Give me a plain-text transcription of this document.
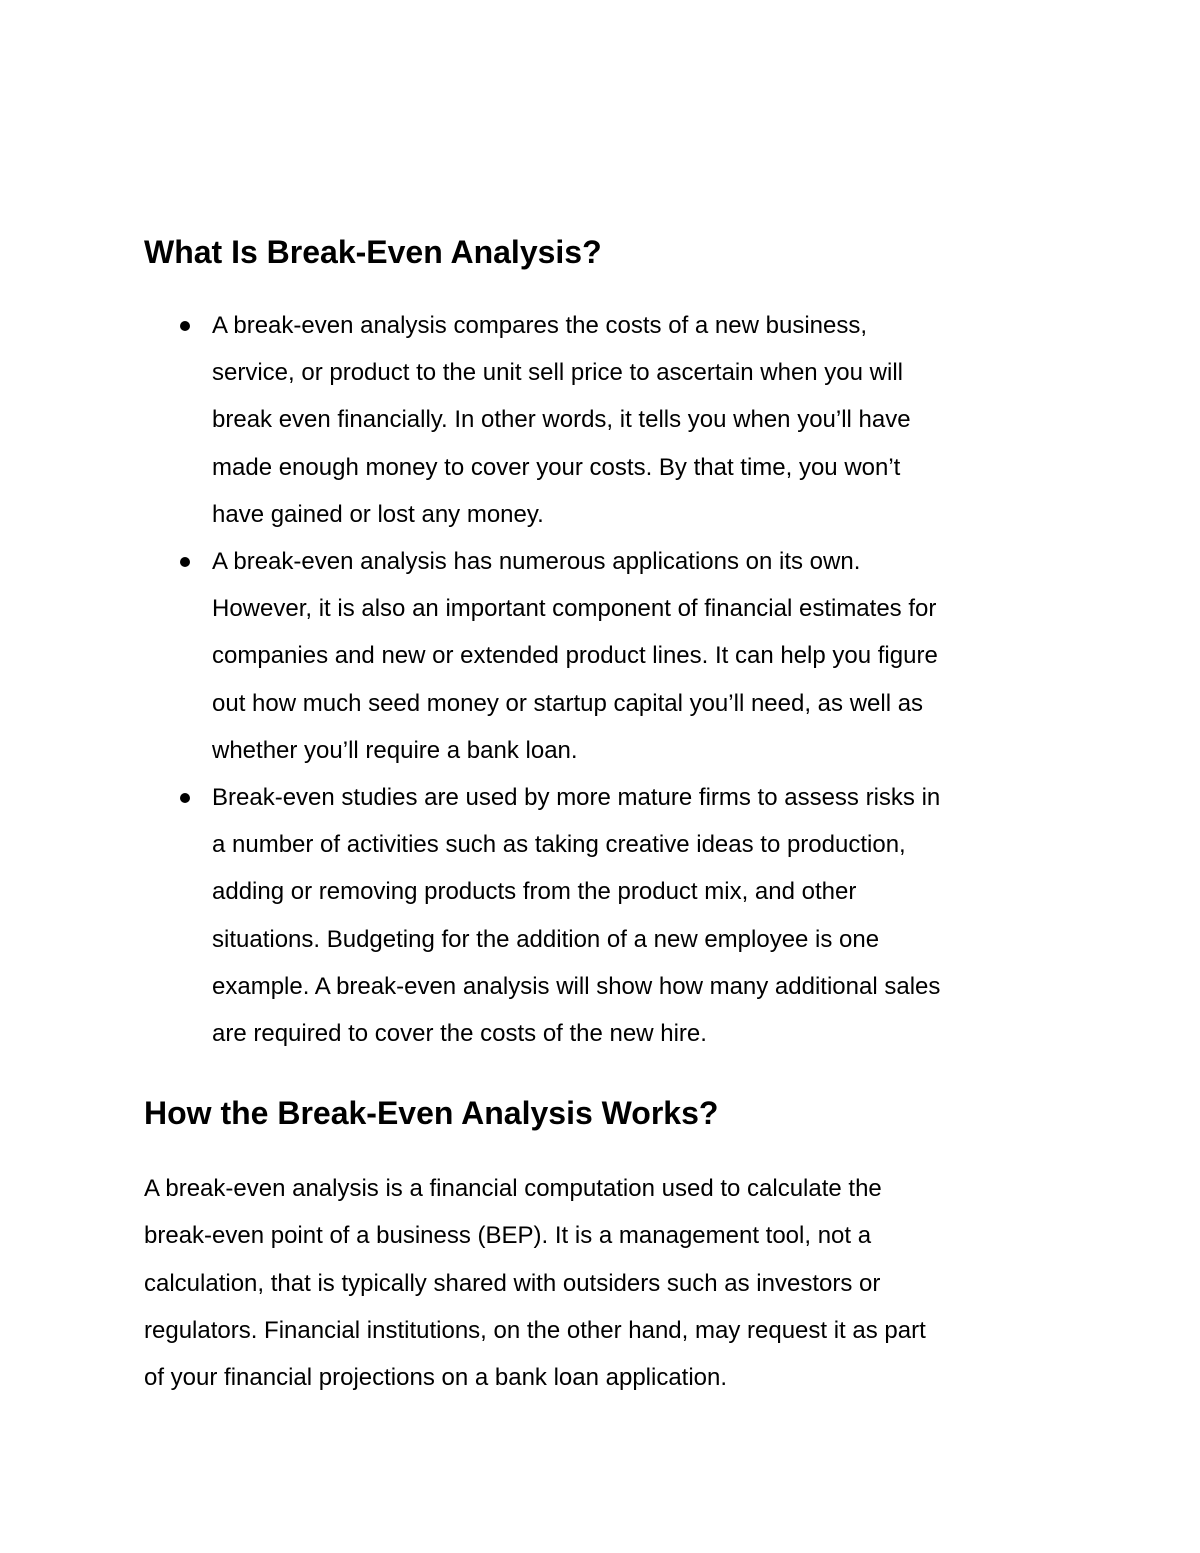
What Is Break-Even Analysis?
A break-even analysis compares the costs of a new business,
service, or product to the unit sell price to ascertain when you will
break even financially. In other words, it tells you when you’ll have
made enough money to cover your costs. By that time, you won’t
have gained or lost any money.
A break-even analysis has numerous applications on its own.
However, it is also an important component of financial estimates for
companies and new or extended product lines. It can help you figure
out how much seed money or startup capital you’ll need, as well as
whether you’ll require a bank loan.
Break-even studies are used by more mature firms to assess risks in
a number of activities such as taking creative ideas to production,
adding or removing products from the product mix, and other
situations. Budgeting for the addition of a new employee is one
example. A break-even analysis will show how many additional sales
are required to cover the costs of the new hire.
How the Break-Even Analysis Works?
A break-even analysis is a financial computation used to calculate the
break-even point of a business (BEP). It is a management tool, not a
calculation, that is typically shared with outsiders such as investors or
regulators. Financial institutions, on the other hand, may request it as part
of your financial projections on a bank loan application.
